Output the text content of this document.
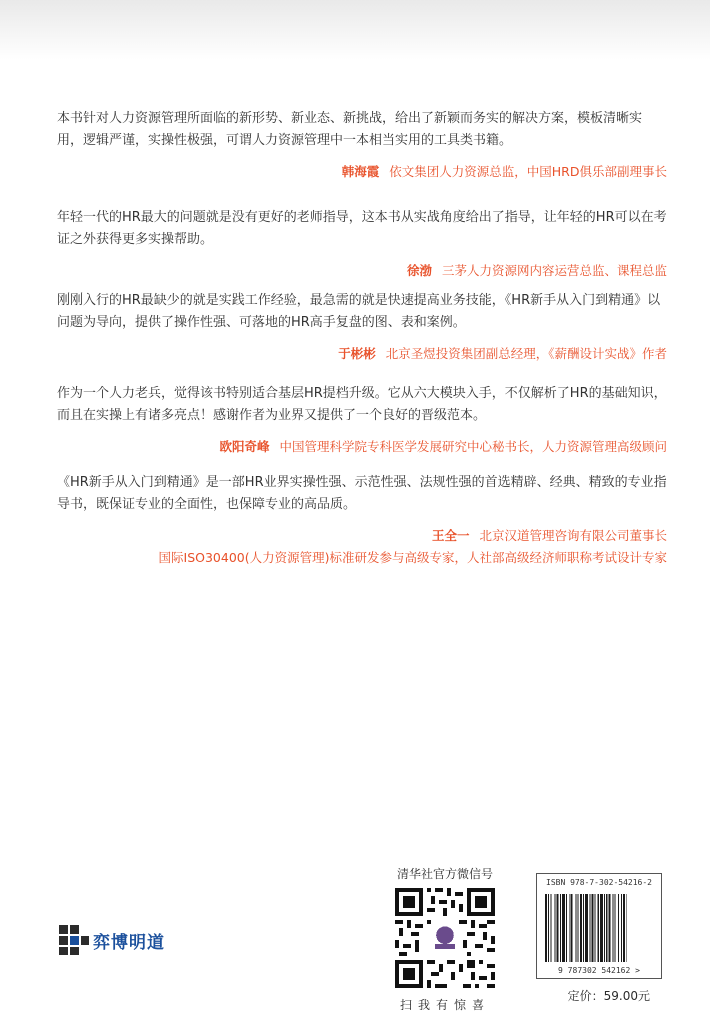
本书针对人力资源管理所面临的新形势、新业态、新挑战，给出了新颖而务实的解决方案，模板清晰实用，逻辑严谨，实操性极强，可谓人力资源管理中一本相当实用的工具类书籍。

韩海霞 依文集团人力资源总监，中国HRD俱乐部副理事长

年轻一代的HR最大的问题就是没有更好的老师指导，这本书从实战角度给出了指导，让年轻的HR可以在考证之外获得更多实操帮助。

徐渤 三茅人力资源网内容运营总监、课程总监

刚刚入行的HR最缺少的就是实践工作经验，最急需的就是快速提高业务技能，《HR新手从入门到精通》以问题为导向，提供了操作性强、可落地的HR高手复盘的图、表和案例。

于彬彬 北京圣煜投资集团副总经理，《薪酬设计实战》作者

作为一个人力老兵，觉得该书特别适合基层HR提档升级。它从六大模块入手，不仅解析了HR的基础知识，而且在实操上有诸多亮点！感谢作者为业界又提供了一个良好的晋级范本。

欧阳奇峰 中国管理科学院专科医学发展研究中心秘书长，人力资源管理高级顾问

《HR新手从入门到精通》是一部HR业界实操性强、示范性强、法规性强的首选精辟、经典、精致的专业指导书，既保证专业的全面性，也保障专业的高品质。

王全一 北京汉道管理咨询有限公司董事长
国际ISO30400(人力资源管理)标准研发参与高级专家，人社部高级经济师职称考试设计专家
弈博明道
清华社官方微信号
扫我有惊喜
ISBN 978-7-302-54216-2
9 787302 542162 >
定价：59.00元
